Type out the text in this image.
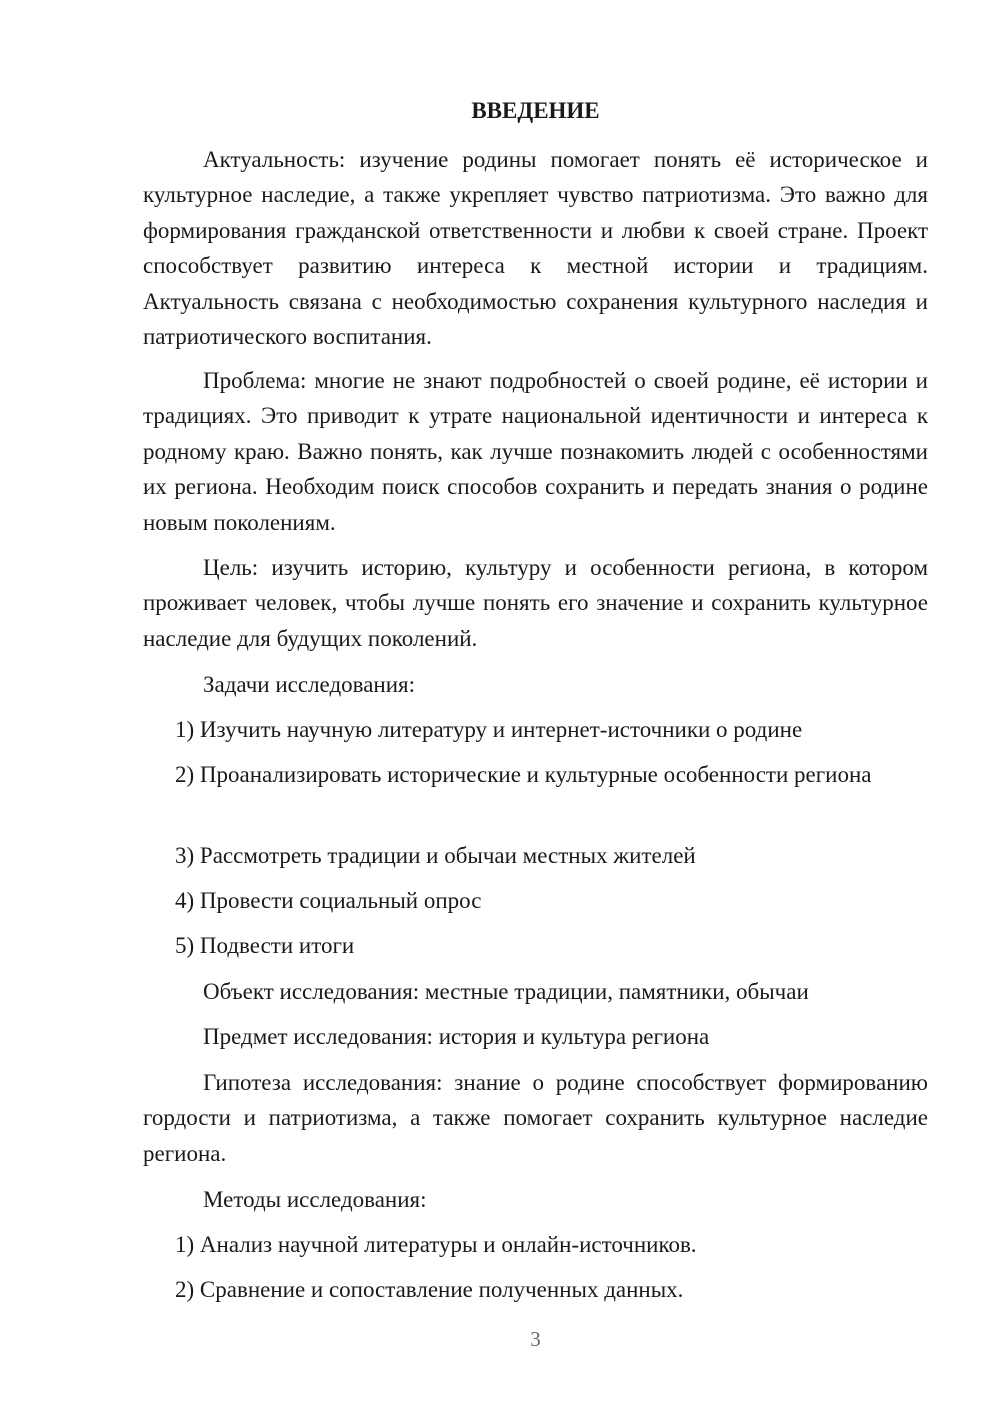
ВВЕДЕНИЕ

Актуальность: изучение родины помогает понять её историческое и культурное наследие, а также укрепляет чувство патриотизма. Это важно для формирования гражданской ответственности и любви к своей стране. Проект способствует развитию интереса к местной истории и традициям. Актуальность связана с необходимостью сохранения культурного наследия и патриотического воспитания.

Проблема: многие не знают подробностей о своей родине, её истории и традициях. Это приводит к утрате национальной идентичности и интереса к родному краю. Важно понять, как лучше познакомить людей с особенностями их региона. Необходим поиск способов сохранить и передать знания о родине новым поколениям.

Цель: изучить историю, культуру и особенности региона, в котором проживает человек, чтобы лучше понять его значение и сохранить культурное наследие для будущих поколений.

Задачи исследования:

1) Изучить научную литературу и интернет-источники о родине

2) Проанализировать исторические и культурные особенности региона

3) Рассмотреть традиции и обычаи местных жителей

4) Провести социальный опрос

5) Подвести итоги

Объект исследования: местные традиции, памятники, обычаи

Предмет исследования: история и культура региона

Гипотеза исследования: знание о родине способствует формированию гордости и патриотизма, а также помогает сохранить культурное наследие региона.

Методы исследования:

1) Анализ научной литературы и онлайн-источников.

2) Сравнение и сопоставление полученных данных.

3
